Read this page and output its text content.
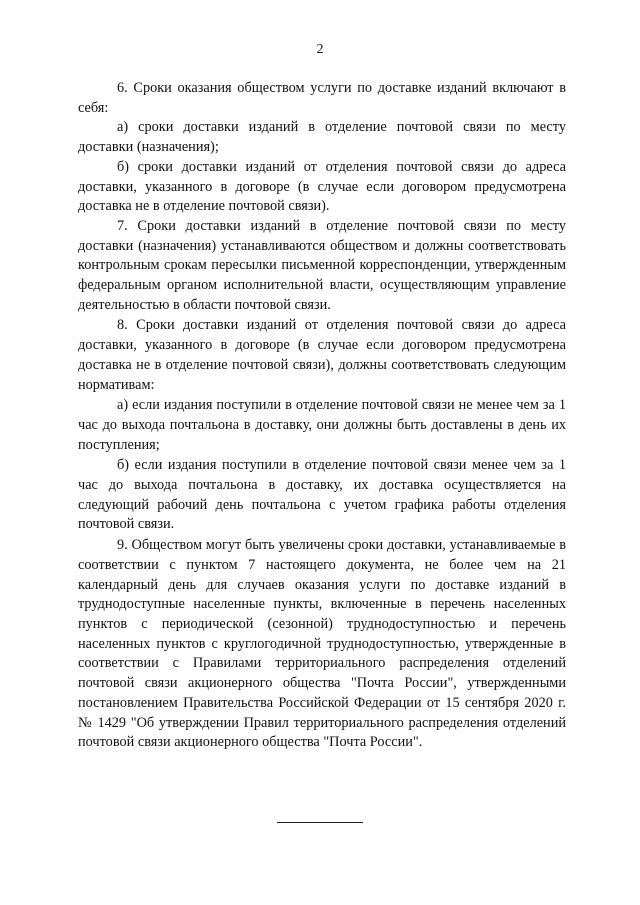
2

6. Сроки оказания обществом услуги по доставке изданий включают в себя:

а) сроки доставки изданий в отделение почтовой связи по месту доставки (назначения);

б) сроки доставки изданий от отделения почтовой связи до адреса доставки, указанного в договоре (в случае если договором предусмотрена доставка не в отделение почтовой связи).

7. Сроки доставки изданий в отделение почтовой связи по месту доставки (назначения) устанавливаются обществом и должны соответствовать контрольным срокам пересылки письменной корреспонденции, утвержденным федеральным органом исполнительной власти, осуществляющим управление деятельностью в области почтовой связи.

8. Сроки доставки изданий от отделения почтовой связи до адреса доставки, указанного в договоре (в случае если договором предусмотрена доставка не в отделение почтовой связи), должны соответствовать следующим нормативам:

а) если издания поступили в отделение почтовой связи не менее чем за 1 час до выхода почтальона в доставку, они должны быть доставлены в день их поступления;

б) если издания поступили в отделение почтовой связи менее чем за 1 час до выхода почтальона в доставку, их доставка осуществляется на следующий рабочий день почтальона с учетом графика работы отделения почтовой связи.

9. Обществом могут быть увеличены сроки доставки, устанавливаемые в соответствии с пунктом 7 настоящего документа, не более чем на 21 календарный день для случаев оказания услуги по доставке изданий в труднодоступные населенные пункты, включенные в перечень населенных пунктов с периодической (сезонной) труднодоступностью и перечень населенных пунктов с круглогодичной труднодоступностью, утвержденные в соответствии с Правилами территориального распределения отделений почтовой связи акционерного общества "Почта России", утвержденными постановлением Правительства Российской Федерации от 15 сентября 2020 г. № 1429 "Об утверждении Правил территориального распределения отделений почтовой связи акционерного общества "Почта России".
